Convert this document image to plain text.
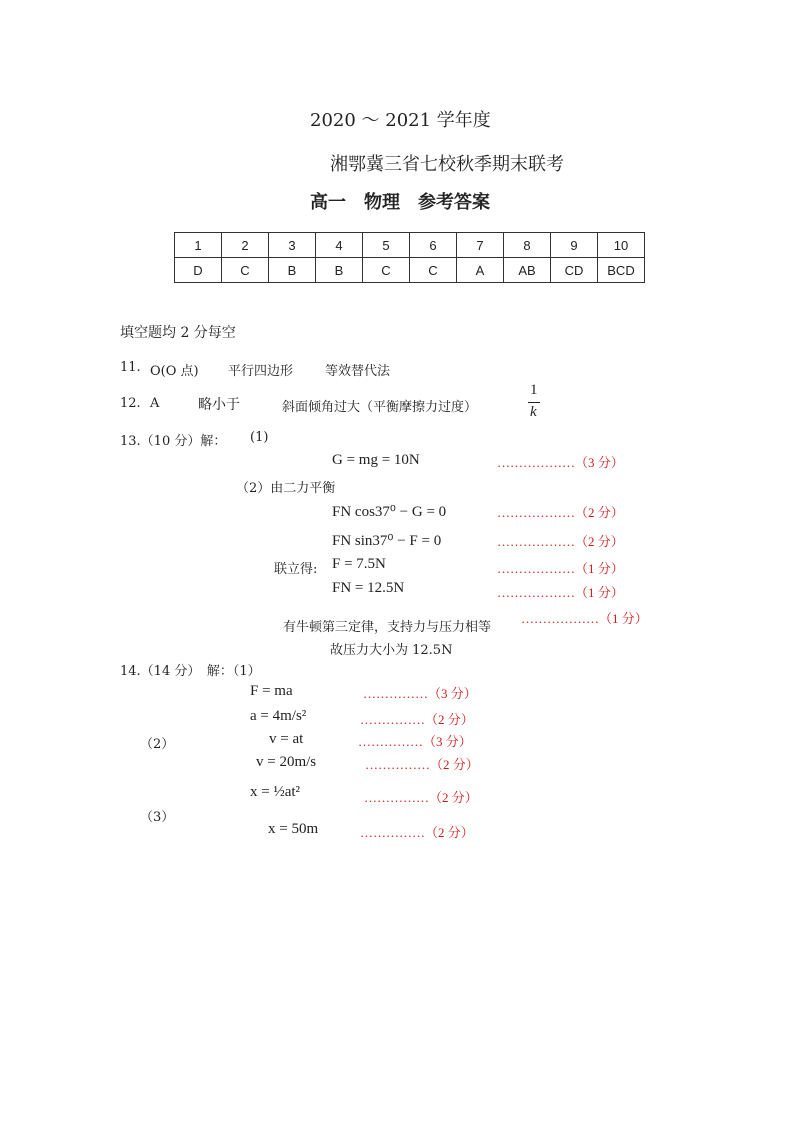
2020 ～ 2021 学年度
湘鄂冀三省七校秋季期末联考
高一　物理　参考答案
1	2	3	4	5	6	7	8	9	10
D	C	B	B	C	C	A	AB	CD	BCD
填空题均 2 分每空
11. O(O 点) 平行四边形 等效替代法
12. A	略小于	斜面倾角过大（平衡摩擦力过度）
1
k
13.（10 分）解： (1)
G = mg = 10N	………………（3 分）
（2）由二力平衡
FN cos37⁰ − G = 0	………………（2 分）
FN sin37⁰ − F = 0	………………（2 分）
联立得: F = 7.5N	………………（1 分）
FN = 12.5N	………………（1 分）
有牛顿第三定律，支持力与压力相等
………………（1 分）
故压力大小为 12.5N
14.（14 分）　解：（1）
F = ma	……………（3 分）
a = 4m/s²	……………（2 分）
（2）	v = at	……………（3 分）
v = 20m/s	……………（2 分）
x = ½at²	……………（2 分）
（3）
x = 50m	……………（2 分）
